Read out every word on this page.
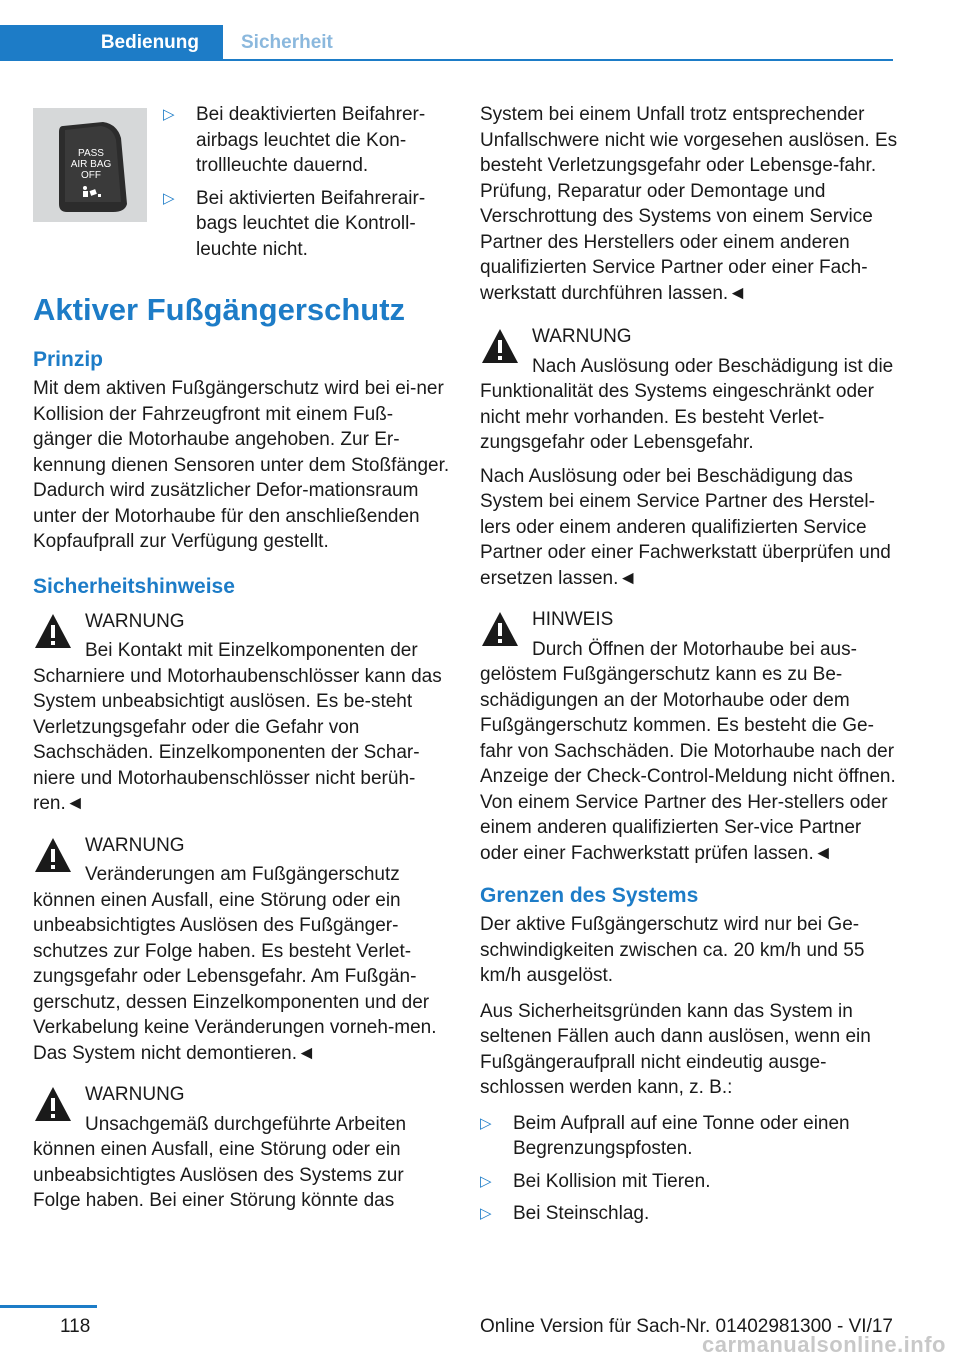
Bedienung	Sicherheit
PASS
AIR BAG
OFF
▷ Bei deaktivierten Beifahrer-airbags leuchtet die Kon-trollleuchte dauernd.
▷ Bei aktivierten Beifahrerair-bags leuchtet die Kontroll-leuchte nicht.
Aktiver Fußgängerschutz
Prinzip

Mit dem aktiven Fußgängerschutz wird bei ei-ner Kollision der Fahrzeugfront mit einem Fuß-gänger die Motorhaube angehoben. Zur Er-kennung dienen Sensoren unter dem Stoßfänger. Dadurch wird zusätzlicher Defor-mationsraum unter der Motorhaube für den anschließenden Kopfaufprall zur Verfügung gestellt.

Sicherheitshinweise
WARNUNG

Bei Kontakt mit Einzelkomponenten der Scharniere und Motorhaubenschlösser kann das System unbeabsichtigt auslösen. Es be-steht Verletzungsgefahr oder die Gefahr von Sachschäden. Einzelkomponenten der Schar-niere und Motorhaubenschlösser nicht berüh-ren.◄

WARNUNG

Veränderungen am Fußgängerschutz können einen Ausfall, eine Störung oder ein unbeabsichtigtes Auslösen des Fußgänger-schutzes zur Folge haben. Es besteht Verlet-zungsgefahr oder Lebensgefahr. Am Fußgän-gerschutz, dessen Einzelkomponenten und der Verkabelung keine Veränderungen vorneh-men. Das System nicht demontieren.◄

WARNUNG

Unsachgemäß durchgeführte Arbeiten können einen Ausfall, eine Störung oder ein unbeabsichtigtes Auslösen des Systems zur Folge haben. Bei einer Störung könnte das

System bei einem Unfall trotz entsprechender Unfallschwere nicht wie vorgesehen auslösen. Es besteht Verletzungsgefahr oder Lebensge-fahr. Prüfung, Reparatur oder Demontage und Verschrottung des Systems von einem Service Partner des Herstellers oder einem anderen qualifizierten Service Partner oder einer Fach-werkstatt durchführen lassen.◄

WARNUNG

Nach Auslösung oder Beschädigung ist die Funktionalität des Systems eingeschränkt oder nicht mehr vorhanden. Es besteht Verlet-zungsgefahr oder Lebensgefahr.

Nach Auslösung oder bei Beschädigung das System bei einem Service Partner des Herstel-lers oder einem anderen qualifizierten Service Partner oder einer Fachwerkstatt überprüfen und ersetzen lassen.◄

HINWEIS

Durch Öffnen der Motorhaube bei aus-gelöstem Fußgängerschutz kann es zu Be-schädigungen an der Motorhaube oder dem Fußgängerschutz kommen. Es besteht die Ge-fahr von Sachschäden. Die Motorhaube nach der Anzeige der Check-Control-Meldung nicht öffnen. Von einem Service Partner des Her-stellers oder einem anderen qualifizierten Ser-vice Partner oder einer Fachwerkstatt prüfen lassen.◄

Grenzen des Systems

Der aktive Fußgängerschutz wird nur bei Ge-schwindigkeiten zwischen ca. 20 km/h und 55 km/h ausgelöst.

Aus Sicherheitsgründen kann das System in seltenen Fällen auch dann auslösen, wenn ein Fußgängeraufprall nicht eindeutig ausge-schlossen werden kann, z. B.:

▷ Beim Aufprall auf eine Tonne oder einen Begrenzungspfosten.
▷ Bei Kollision mit Tieren.
▷ Bei Steinschlag.
118	Online Version für Sach-Nr. 01402981300 - VI/17
carmanualsonline.info
